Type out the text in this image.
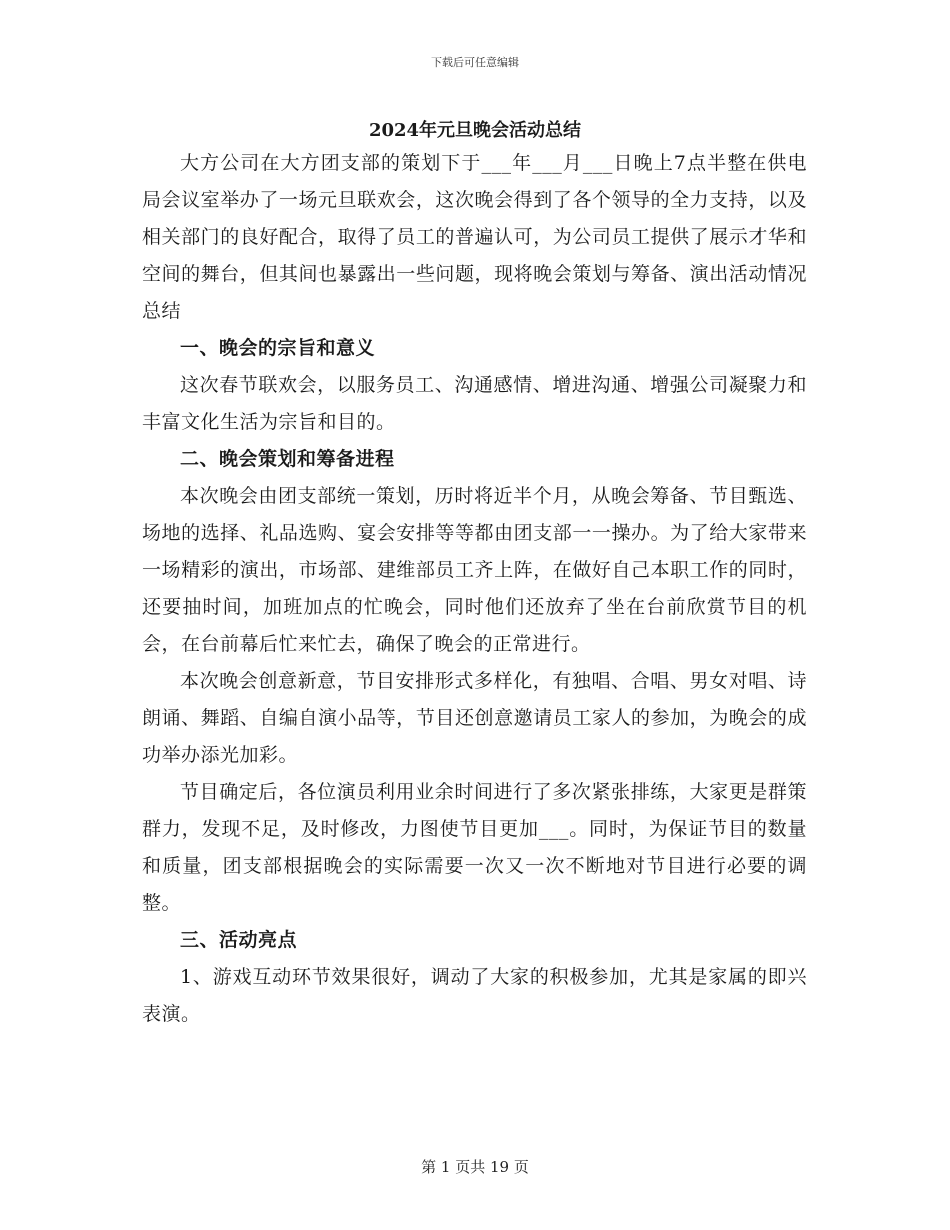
下载后可任意编辑
2024年元旦晚会活动总结

大方公司在大方团支部的策划下于___年___月___日晚上7点半整在供电局会议室举办了一场元旦联欢会，这次晚会得到了各个领导的全力支持，以及相关部门的良好配合，取得了员工的普遍认可，为公司员工提供了展示才华和空间的舞台，但其间也暴露出一些问题，现将晚会策划与筹备、演出活动情况总结

一、晚会的宗旨和意义

这次春节联欢会，以服务员工、沟通感情、增进沟通、增强公司凝聚力和丰富文化生活为宗旨和目的。

二、晚会策划和筹备进程

本次晚会由团支部统一策划，历时将近半个月，从晚会筹备、节目甄选、场地的选择、礼品选购、宴会安排等等都由团支部一一操办。为了给大家带来一场精彩的演出，市场部、建维部员工齐上阵，在做好自己本职工作的同时，还要抽时间，加班加点的忙晚会，同时他们还放弃了坐在台前欣赏节目的机会，在台前幕后忙来忙去，确保了晚会的正常进行。

本次晚会创意新意，节目安排形式多样化，有独唱、合唱、男女对唱、诗朗诵、舞蹈、自编自演小品等，节目还创意邀请员工家人的参加，为晚会的成功举办添光加彩。

节目确定后，各位演员利用业余时间进行了多次紧张排练，大家更是群策群力，发现不足，及时修改，力图使节目更加___。同时，为保证节目的数量和质量，团支部根据晚会的实际需要一次又一次不断地对节目进行必要的调整。

三、活动亮点

1、游戏互动环节效果很好，调动了大家的积极参加，尤其是家属的即兴表演。

第 1 页共 19 页
